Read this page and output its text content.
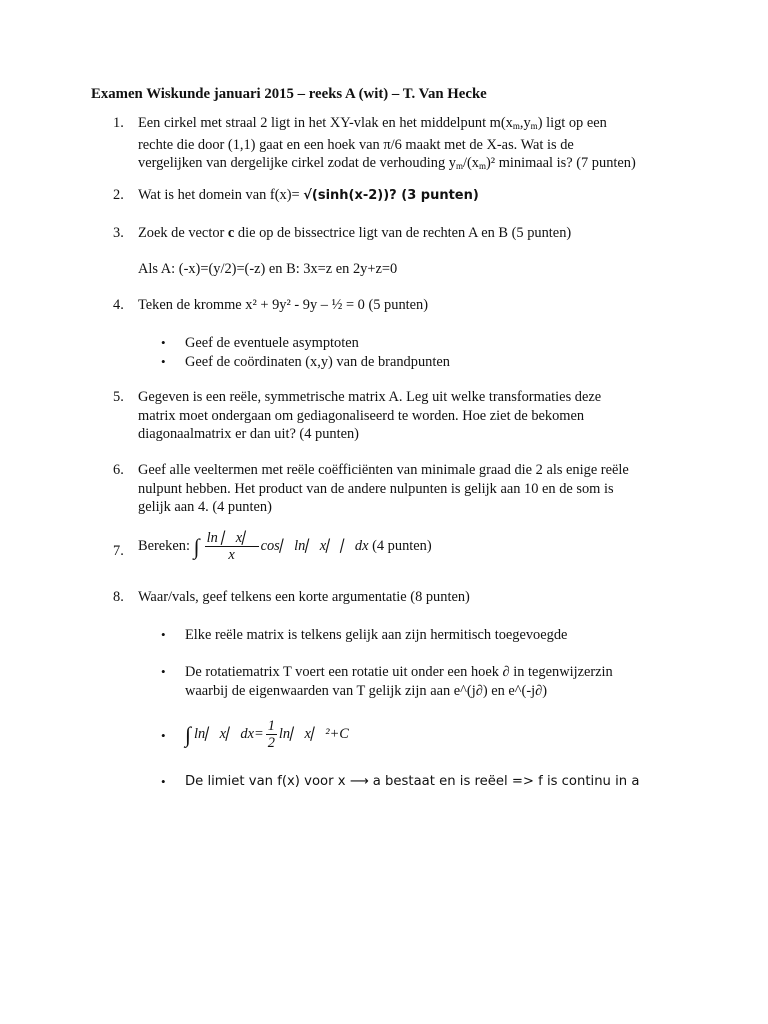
Examen Wiskunde januari 2015 – reeks A (wit) – T. Van Hecke
1. Een cirkel met straal 2 ligt in het XY-vlak en het middelpunt $m(x_m,y_m)$ ligt op een
rechte die door (1,1) gaat en een hoek van π/6 maakt met de X-as. Wat is de
vergelijken van dergelijke cirkel zodat de verhouding $y_m/(x_m)^2$ minimaal is? (7 punten)
2. Wat is het domein van f(x)= √(sinh(x-2))? (3 punten)
3. Zoek de vector c die op de bissectrice ligt van de rechten A en B (5 punten)
Als A: (-x)=(y/2)=(-z) en B: 3x=z en 2y+z=0
4. Teken de kromme x² + 9y² - 9y – ½ = 0 (5 punten)
• Geef de eventuele asymptoten
• Geef de coördinaten (x,y) van de brandpunten
5. Gegeven is een reële, symmetrische matrix A. Leg uit welke transformaties deze
matrix moet ondergaan om gediagonaliseerd te worden. Hoe ziet de bekomen
diagonaalmatrix er dan uit? (4 punten)
6. Geef alle veeltermen met reële coëfficiënten van minimale graad die 2 als enige reële
nulpunt hebben. Het product van de andere nulpunten is gelijk aan 10 en de som is
gelijk aan 4. (4 punten)
7. Bereken:
∫ $\frac{\ln ⎸x⎸}{x}$ cos⎸ln⎸x⎸⎸dx
(4 punten)
8. Waar/vals, geef telkens een korte argumentatie (8 punten)
• Elke reële matrix is telkens gelijk aan zijn hermitisch toegevoegde
• De rotatiematrix T voert een rotatie uit onder een hoek ∂ in tegenwijzerzin
waarbij de eigenwaarden van T gelijk zijn aan e^(j∂) en e^(-j∂)
• ∫ ln⎸x⎸dx= $\frac{1}{2}$ ln⎸x⎸²+C
• De limiet van f(x) voor x ⟶ a bestaat en is reëel => f is continu in a
